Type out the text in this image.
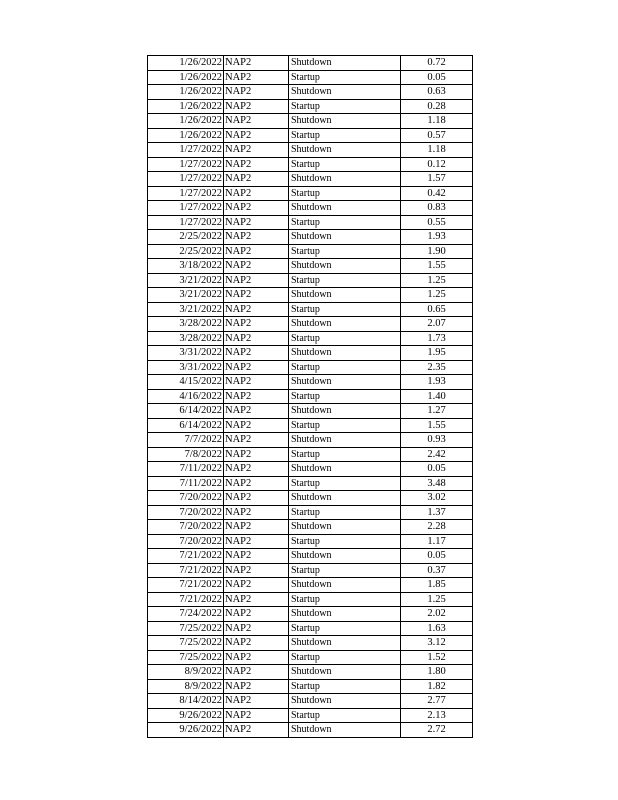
1/26/2022	NAP2	Shutdown	0.72
1/26/2022	NAP2	Startup	0.05
1/26/2022	NAP2	Shutdown	0.63
1/26/2022	NAP2	Startup	0.28
1/26/2022	NAP2	Shutdown	1.18
1/26/2022	NAP2	Startup	0.57
1/27/2022	NAP2	Shutdown	1.18
1/27/2022	NAP2	Startup	0.12
1/27/2022	NAP2	Shutdown	1.57
1/27/2022	NAP2	Startup	0.42
1/27/2022	NAP2	Shutdown	0.83
1/27/2022	NAP2	Startup	0.55
2/25/2022	NAP2	Shutdown	1.93
2/25/2022	NAP2	Startup	1.90
3/18/2022	NAP2	Shutdown	1.55
3/21/2022	NAP2	Startup	1.25
3/21/2022	NAP2	Shutdown	1.25
3/21/2022	NAP2	Startup	0.65
3/28/2022	NAP2	Shutdown	2.07
3/28/2022	NAP2	Startup	1.73
3/31/2022	NAP2	Shutdown	1.95
3/31/2022	NAP2	Startup	2.35
4/15/2022	NAP2	Shutdown	1.93
4/16/2022	NAP2	Startup	1.40
6/14/2022	NAP2	Shutdown	1.27
6/14/2022	NAP2	Startup	1.55
7/7/2022	NAP2	Shutdown	0.93
7/8/2022	NAP2	Startup	2.42
7/11/2022	NAP2	Shutdown	0.05
7/11/2022	NAP2	Startup	3.48
7/20/2022	NAP2	Shutdown	3.02
7/20/2022	NAP2	Startup	1.37
7/20/2022	NAP2	Shutdown	2.28
7/20/2022	NAP2	Startup	1.17
7/21/2022	NAP2	Shutdown	0.05
7/21/2022	NAP2	Startup	0.37
7/21/2022	NAP2	Shutdown	1.85
7/21/2022	NAP2	Startup	1.25
7/24/2022	NAP2	Shutdown	2.02
7/25/2022	NAP2	Startup	1.63
7/25/2022	NAP2	Shutdown	3.12
7/25/2022	NAP2	Startup	1.52
8/9/2022	NAP2	Shutdown	1.80
8/9/2022	NAP2	Startup	1.82
8/14/2022	NAP2	Shutdown	2.77
9/26/2022	NAP2	Startup	2.13
9/26/2022	NAP2	Shutdown	2.72
